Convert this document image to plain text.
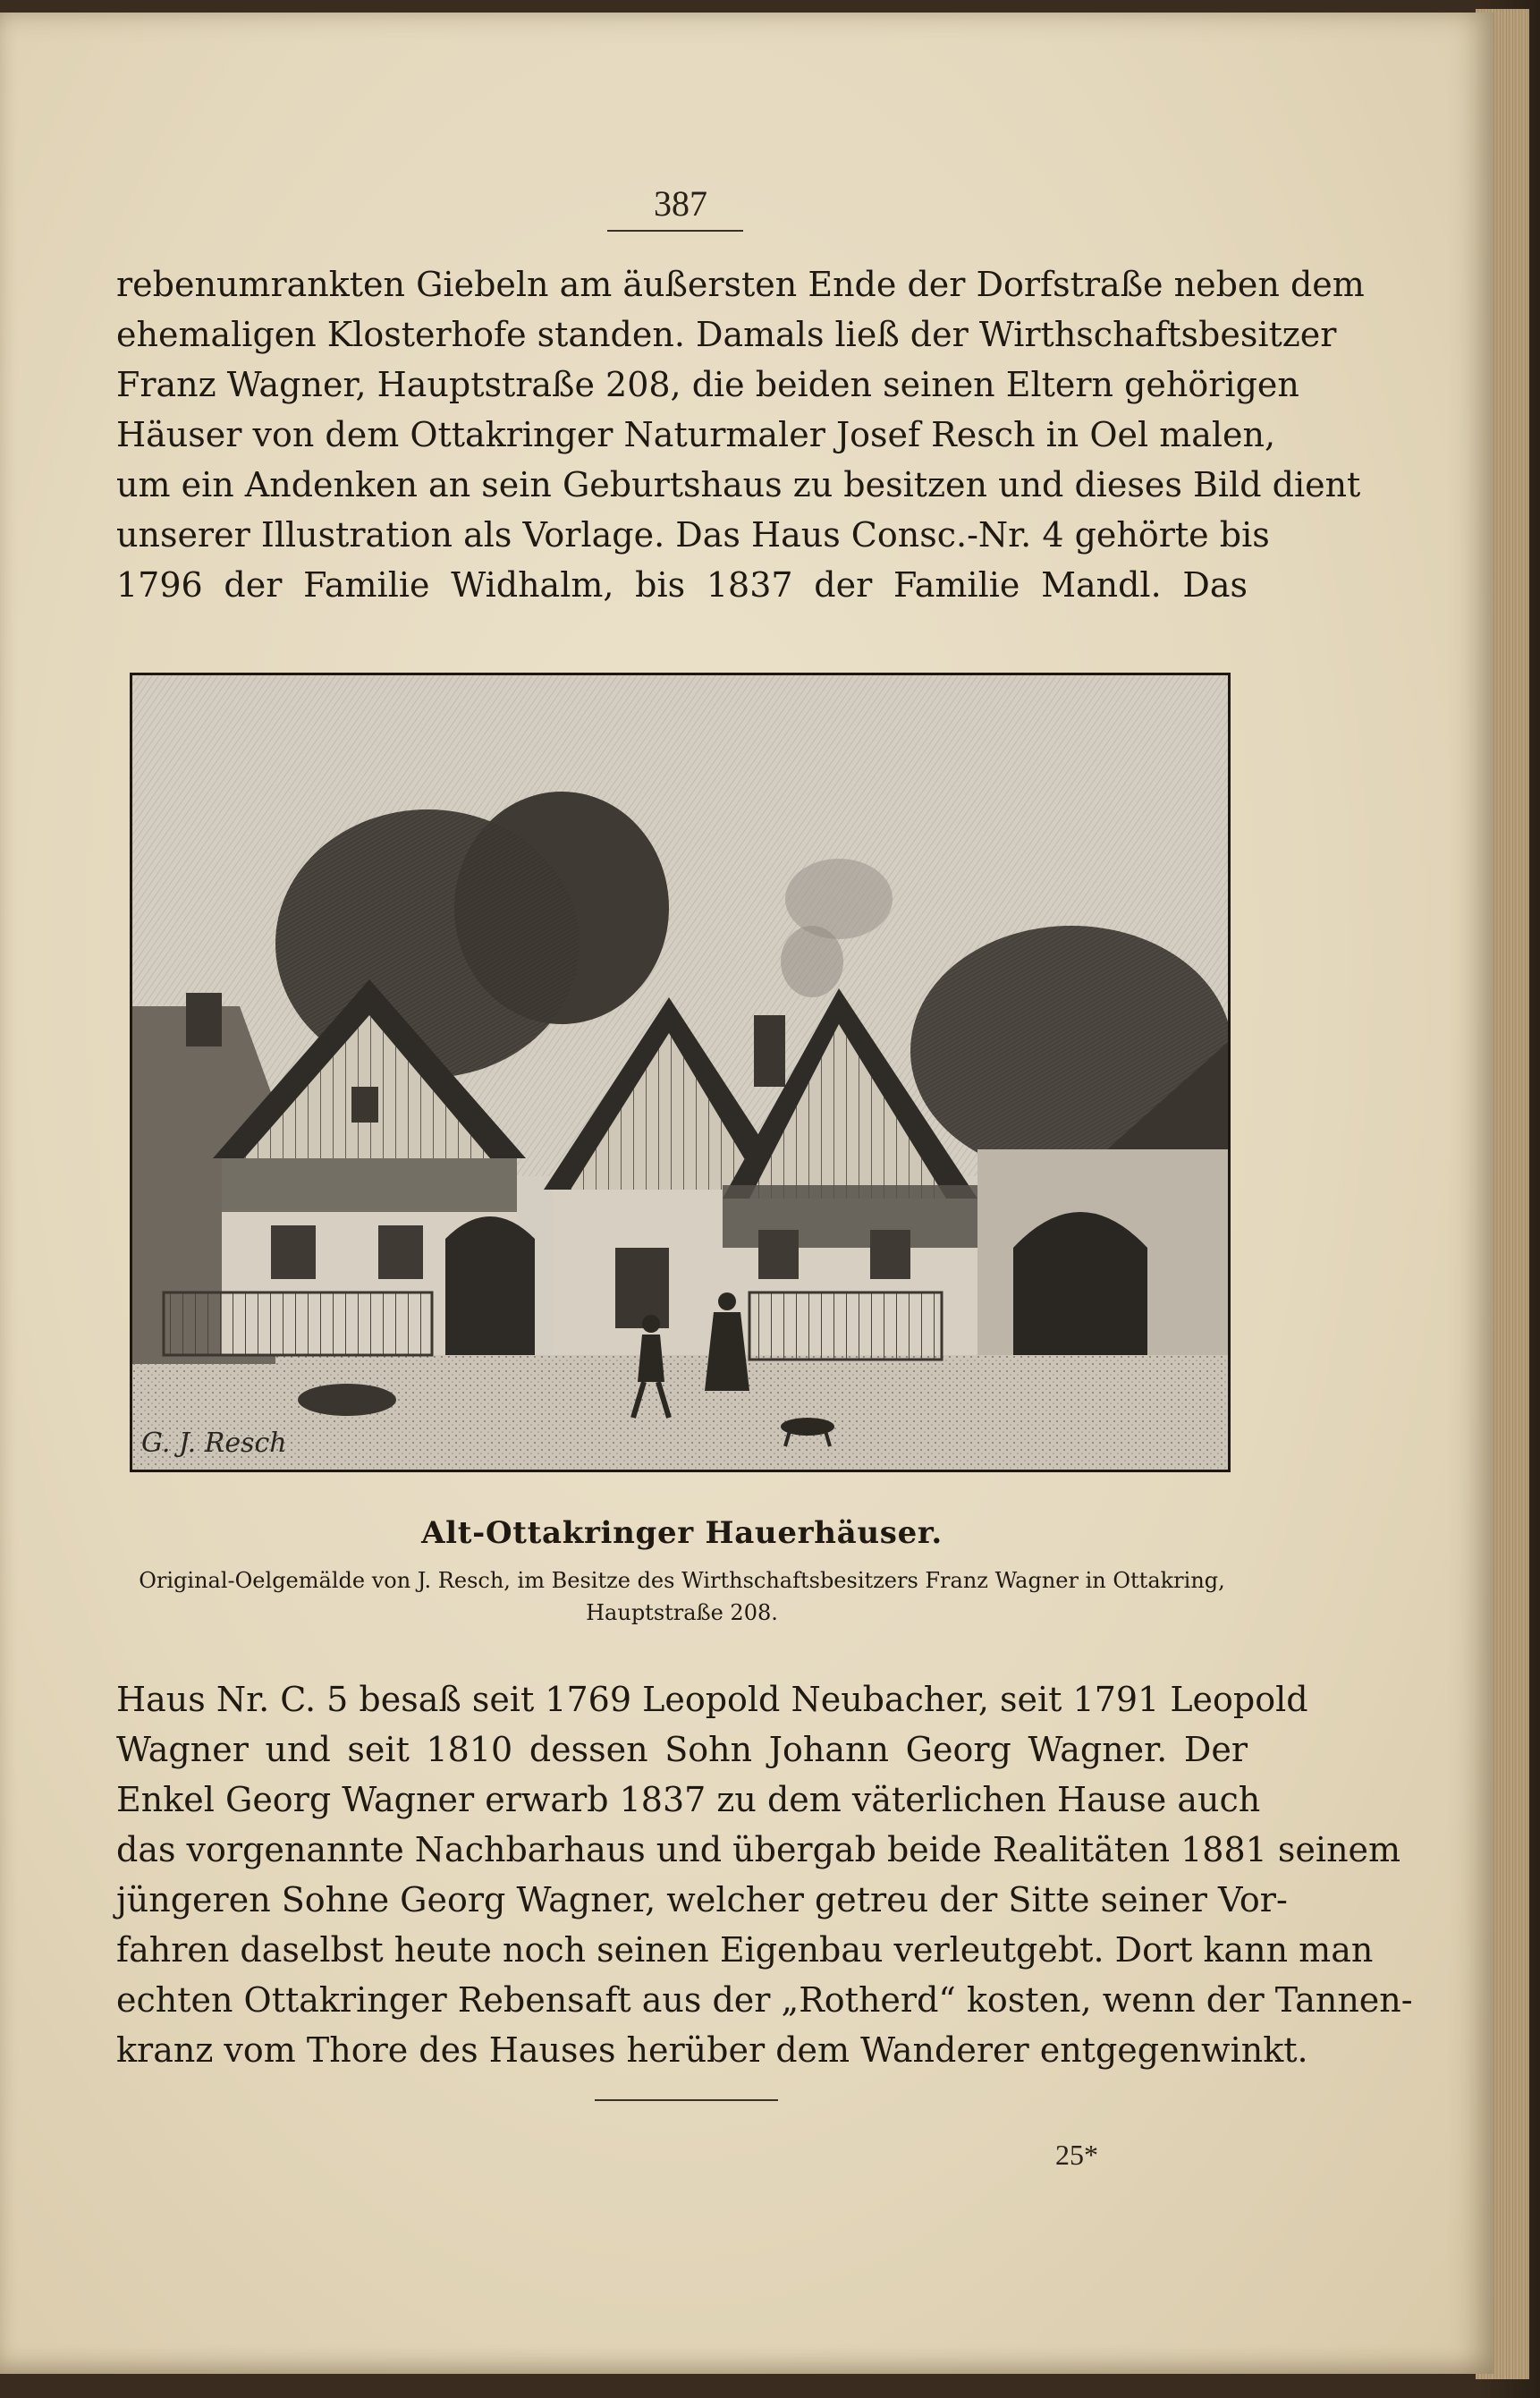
387
rebenumrankten Giebeln am äußersten Ende der Dorfstraße neben dem
ehemaligen Klosterhofe standen. Damals ließ der Wirthschaftsbesitzer
Franz Wagner, Hauptstraße 208, die beiden seinen Eltern gehörigen
Häuser von dem Ottakringer Naturmaler Josef Resch in Oel malen,
um ein Andenken an sein Geburtshaus zu besitzen und dieses Bild dient
unserer Illustration als Vorlage. Das Haus Consc.-Nr. 4 gehörte bis
1796 der Familie Widhalm, bis 1837 der Familie Mandl. Das
G. J. Resch
Alt-Ottakringer Hauerhäuser.
Original-Oelgemälde von J. Resch, im Besitze des Wirthschaftsbesitzers Franz Wagner in Ottakring,
Hauptstraße 208.
Haus Nr. C. 5 besaß seit 1769 Leopold Neubacher, seit 1791 Leopold
Wagner und seit 1810 dessen Sohn Johann Georg Wagner. Der
Enkel Georg Wagner erwarb 1837 zu dem väterlichen Hause auch
das vorgenannte Nachbarhaus und übergab beide Realitäten 1881 seinem
jüngeren Sohne Georg Wagner, welcher getreu der Sitte seiner Vor-
fahren daselbst heute noch seinen Eigenbau verleutgebt. Dort kann man
echten Ottakringer Rebensaft aus der „Rotherd“ kosten, wenn der Tannen-
kranz vom Thore des Hauses herüber dem Wanderer entgegenwinkt.
25*
